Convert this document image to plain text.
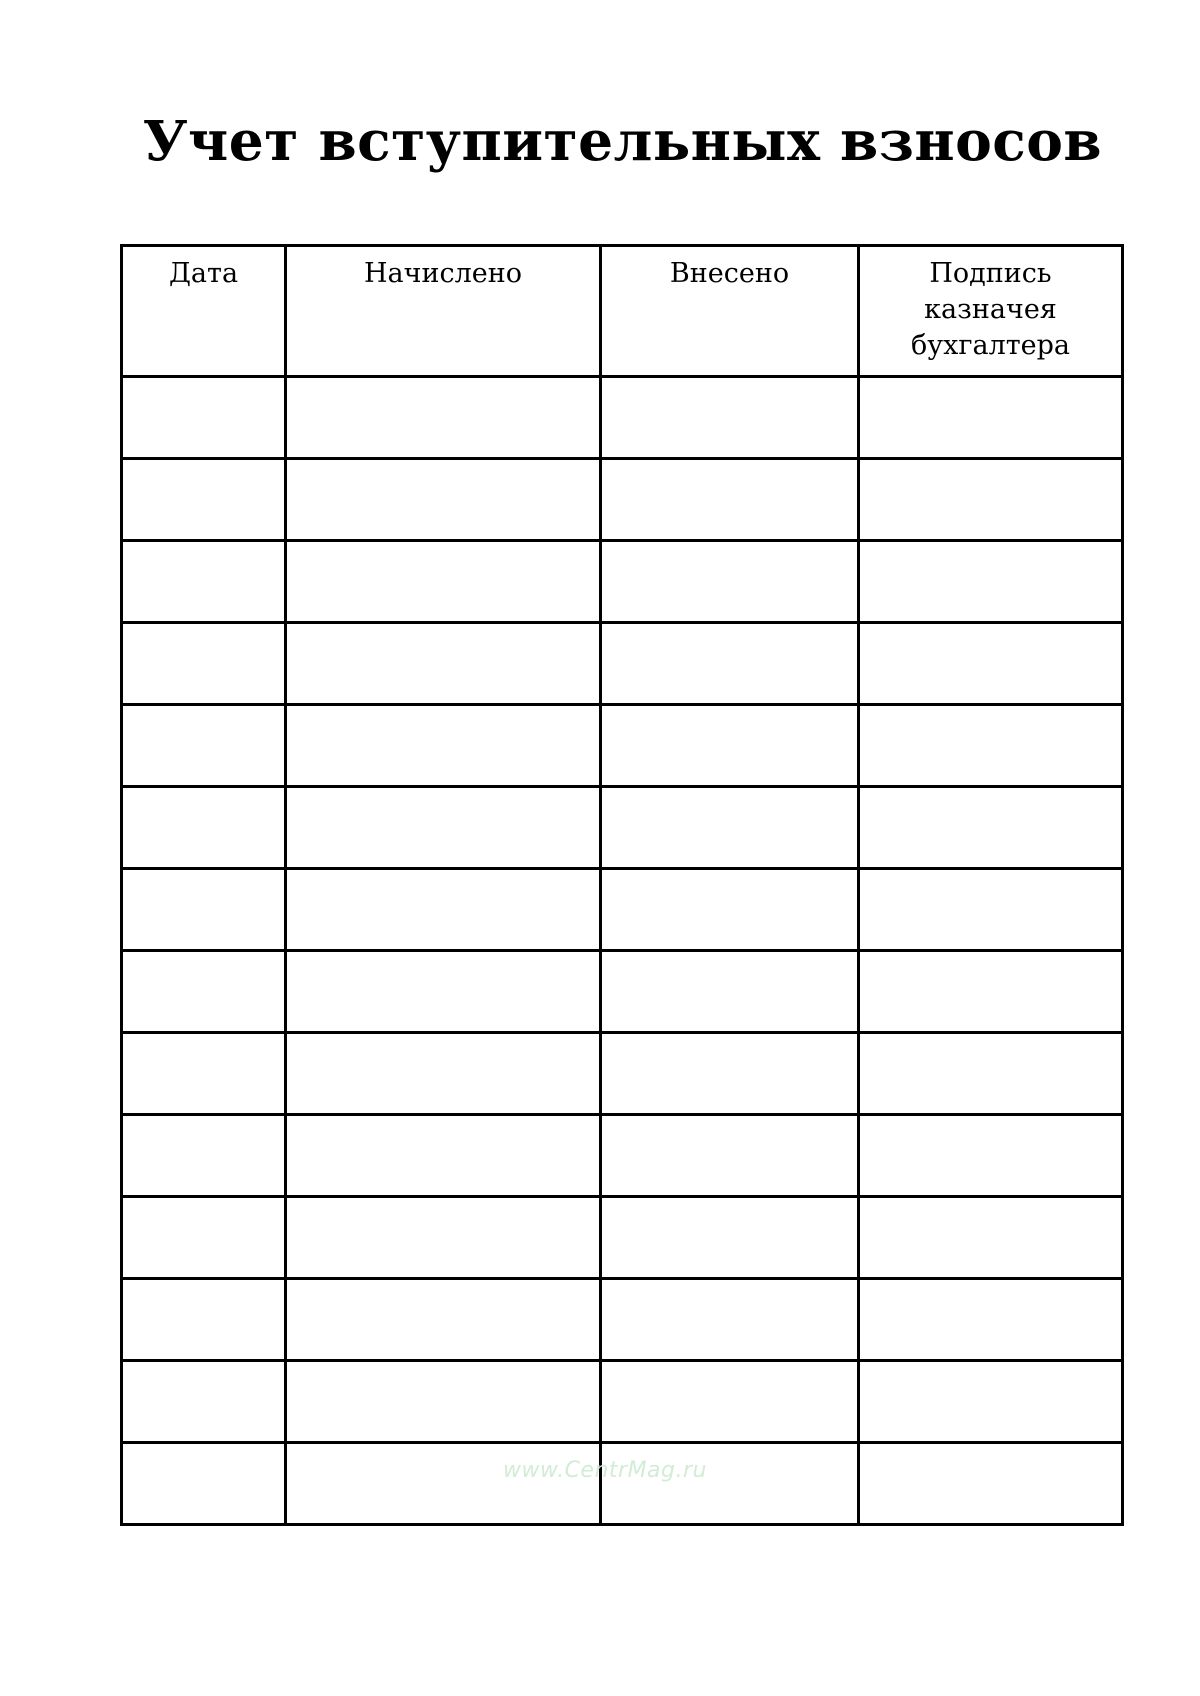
Учет вступительных взносов
Дата	Начислено	Внесено	Подпись
казначея
бухгалтера

www.CentrMag.ru
